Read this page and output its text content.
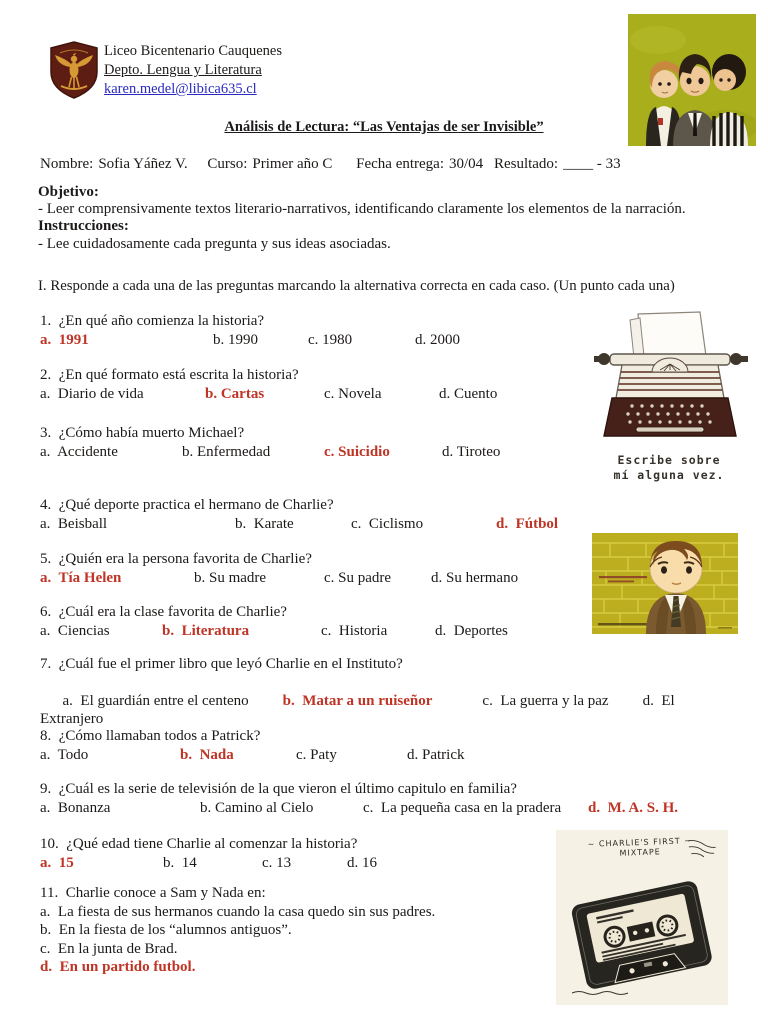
Liceo Bicentenario Cauquenes
Depto. Lengua y Literatura
karen.medel@libica635.cl
Análisis de Lectura: “Las Ventajas de ser Invisible”
Nombre: Sofia Yáñez V. Curso: Primer año C Fecha entrega: 30/04 Resultado: ____ - 33
Objetivo:
- Leer comprensivamente textos literario-narrativos, identificando claramente los elementos de la narración.
Instrucciones:
- Lee cuidadosamente cada pregunta y sus ideas asociadas.
I. Responde a cada una de las preguntas marcando la alternativa correcta en cada caso. (Un punto cada una)
1.  ¿En qué año comienza la historia?
a.  1991	b. 1990	c. 1980	d. 2000
2.  ¿En qué formato está escrita la historia?
a.  Diario de vida	b. Cartas	c. Novela	d. Cuento
3.  ¿Cómo había muerto Michael?
a.  Accidente	b. Enfermedad	c. Suicidio	d. Tiroteo
4.  ¿Qué deporte practica el hermano de Charlie?
a.  Beisball	b.  Karate	c.  Ciclismo	d.  Fútbol
5.  ¿Quién era la persona favorita de Charlie?
a.  Tía Helen	b. Su madre	c. Su padre	d. Su hermano
6.  ¿Cuál era la clase favorita de Charlie?
a.  Ciencias	b.  Literatura	c.  Historia	d.  Deportes
7.  ¿Cuál fue el primer libro que leyó Charlie en el Instituto?

a.  El guardián entre el centeno b.  Matar a un ruiseñor	c.  La guerra y la paz d.  El Extranjero

8.  ¿Cómo llamaban todos a Patrick?
a.  Todo	b.  Nada	c. Paty	d. Patrick
9.  ¿Cuál es la serie de televisión de la que vieron el último capitulo en familia?
a.  Bonanza	b. Camino al Cielo	c.  La pequeña casa en la pradera	d.  M. A. S. H.
10.  ¿Qué edad tiene Charlie al comenzar la historia?
a.  15	b.  14	c. 13	d. 16
11.  Charlie conoce a Sam y Nada en:
a.  La fiesta de sus hermanos cuando la casa quedo sin sus padres.
b.  En la fiesta de los “alumnos antiguos”.
c.  En la junta de Brad.
d.  En un partido futbol.
Escribe sobre
mí alguna vez.
~ CHARLIE'S FIRST ~
MIXTAPE
